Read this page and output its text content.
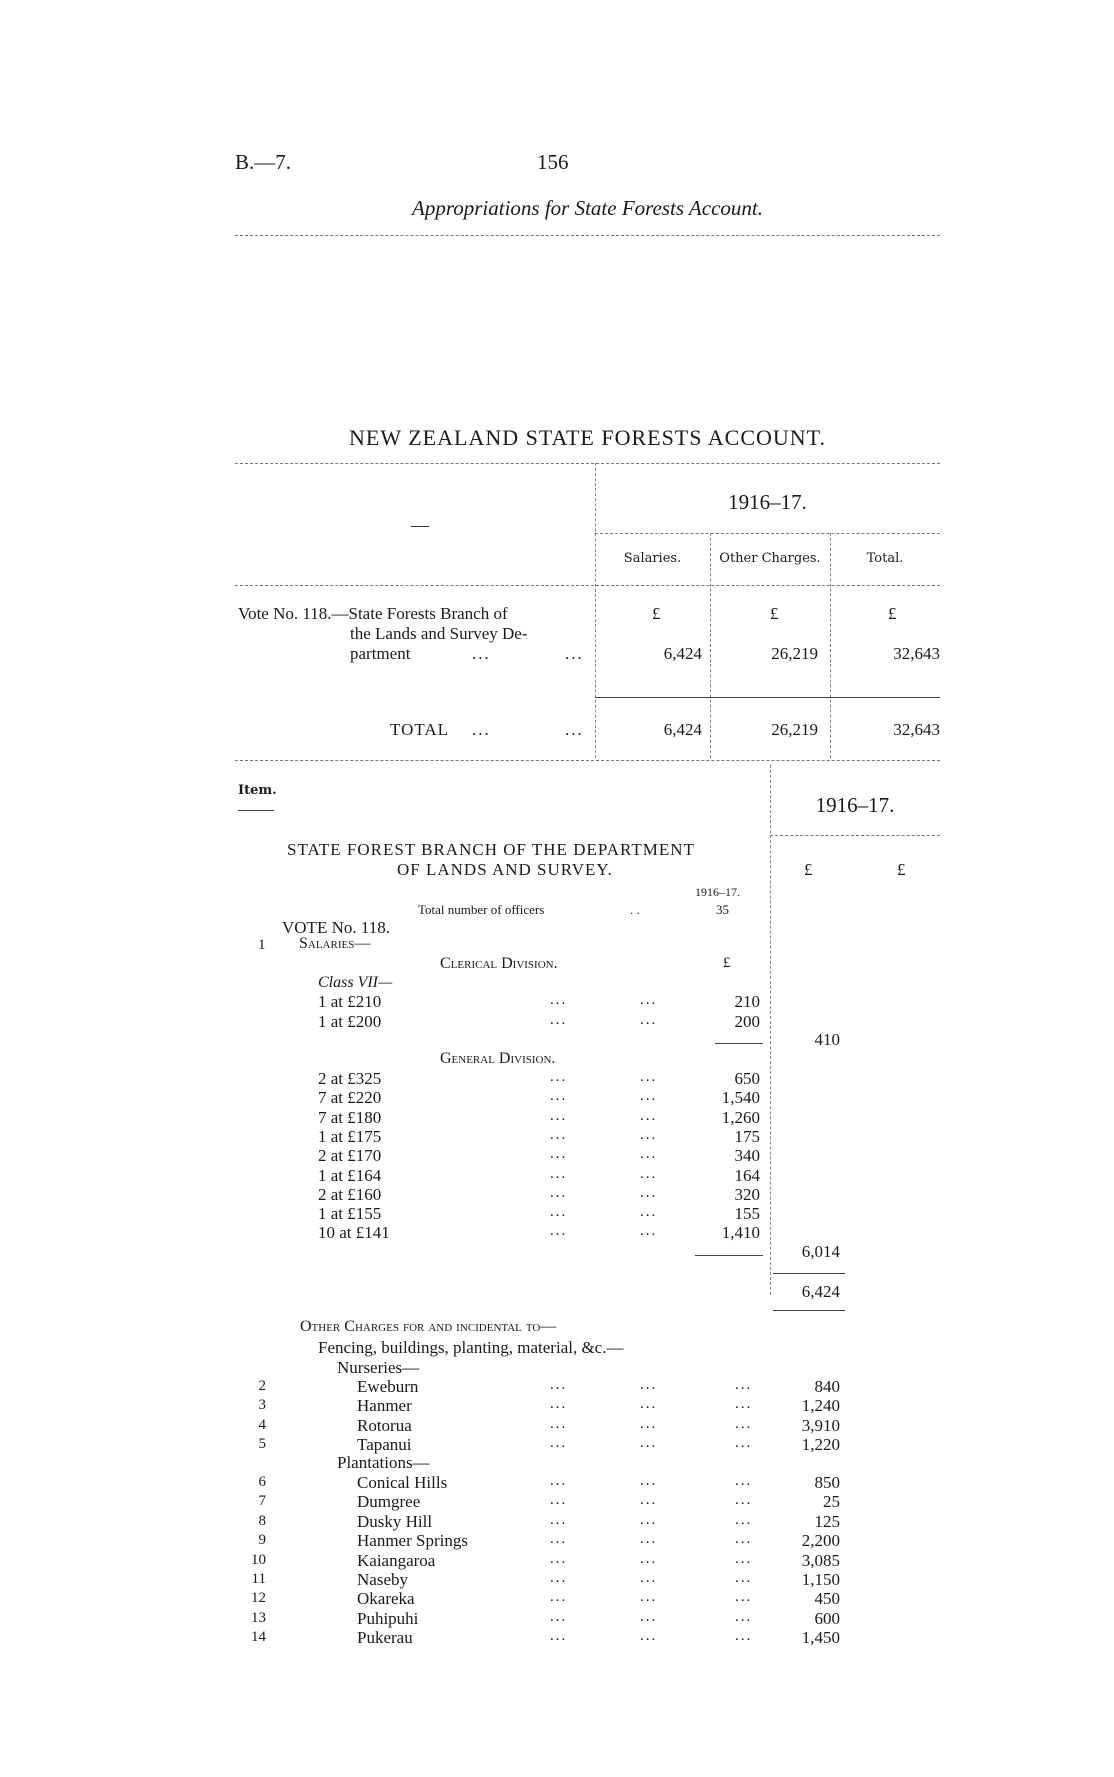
B.—7.	156
Appropriations for State Forests Account.
NEW ZEALAND STATE FORESTS ACCOUNT.
—
1916–17.
Salaries.	Other Charges.	Total.
£	£	£
Vote No. 118.—State Forests Branch of
the Lands and Survey De-
partment	...	...	6,424	26,219	32,643
TOTAL ...	...	6,424	26,219	32,643
Item.
1916–17.
£	£
STATE FOREST BRANCH OF THE DEPARTMENT
OF LANDS AND SURVEY.
1916–17.
Total number of officers	. .	35
VOTE No. 118.
1 Salaries—
Clerical Division.	£
Class VII—
1 at £210	...	...	210
1 at £200	...	...	200
410
General Division.
2 at £325	...	...	650
7 at £220	...	...	1,540
7 at £180	...	...	1,260
1 at £175	...	...	175
2 at £170	...	...	340
1 at £164	...	...	164
2 at £160	...	...	320
1 at £155	...	...	155
10 at £141	...	...	1,410
6,014
6,424
Other Charges for and incidental to—
Fencing, buildings, planting, material, &c.—
Nurseries—
2	Eweburn	...	...	...	840
3	Hanmer	...	...	...	1,240
4	Rotorua	...	...	...	3,910
5	Tapanui	...	...	...	1,220
Plantations—
6	Conical Hills	...	...	...	850
7	Dumgree	...	...	...	25
8	Dusky Hill	...	...	...	125
9	Hanmer Springs	...	...	...	2,200
10	Kaiangaroa	...	...	...	3,085
11	Naseby	...	...	...	1,150
12	Okareka	...	...	...	450
13	Puhipuhi	...	...	...	600
14	Pukerau	...	...	...	1,450
